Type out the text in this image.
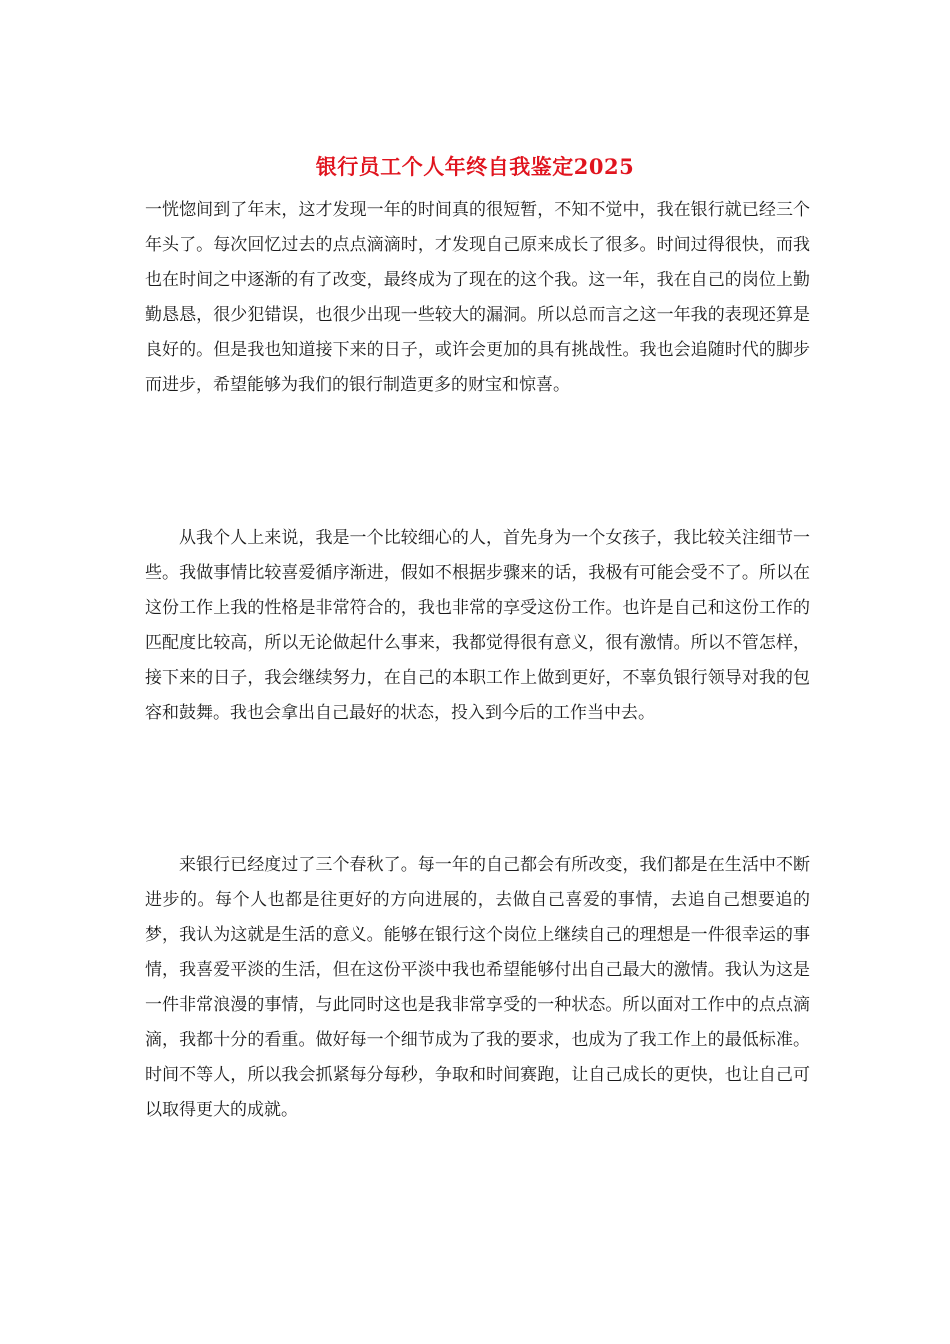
银行员工个人年终自我鉴定2025

一恍惚间到了年末，这才发现一年的时间真的很短暂，不知不觉中，我在银行就已经三个年头了。每次回忆过去的点点滴滴时，才发现自己原来成长了很多。时间过得很快，而我也在时间之中逐渐的有了改变，最终成为了现在的这个我。这一年，我在自己的岗位上勤勤恳恳，很少犯错误，也很少出现一些较大的漏洞。所以总而言之这一年我的表现还算是良好的。但是我也知道接下来的日子，或许会更加的具有挑战性。我也会追随时代的脚步而进步，希望能够为我们的银行制造更多的财宝和惊喜。

从我个人上来说，我是一个比较细心的人，首先身为一个女孩子，我比较关注细节一些。我做事情比较喜爱循序渐进，假如不根据步骤来的话，我极有可能会受不了。所以在这份工作上我的性格是非常符合的，我也非常的享受这份工作。也许是自己和这份工作的匹配度比较高，所以无论做起什么事来，我都觉得很有意义，很有激情。所以不管怎样，接下来的日子，我会继续努力，在自己的本职工作上做到更好，不辜负银行领导对我的包容和鼓舞。我也会拿出自己最好的状态，投入到今后的工作当中去。

来银行已经度过了三个春秋了。每一年的自己都会有所改变，我们都是在生活中不断进步的。每个人也都是往更好的方向进展的，去做自己喜爱的事情，去追自己想要追的梦，我认为这就是生活的意义。能够在银行这个岗位上继续自己的理想是一件很幸运的事情，我喜爱平淡的生活，但在这份平淡中我也希望能够付出自己最大的激情。我认为这是一件非常浪漫的事情，与此同时这也是我非常享受的一种状态。所以面对工作中的点点滴滴，我都十分的看重。做好每一个细节成为了我的要求，也成为了我工作上的最低标准。时间不等人，所以我会抓紧每分每秒，争取和时间赛跑，让自己成长的更快，也让自己可以取得更大的成就。
